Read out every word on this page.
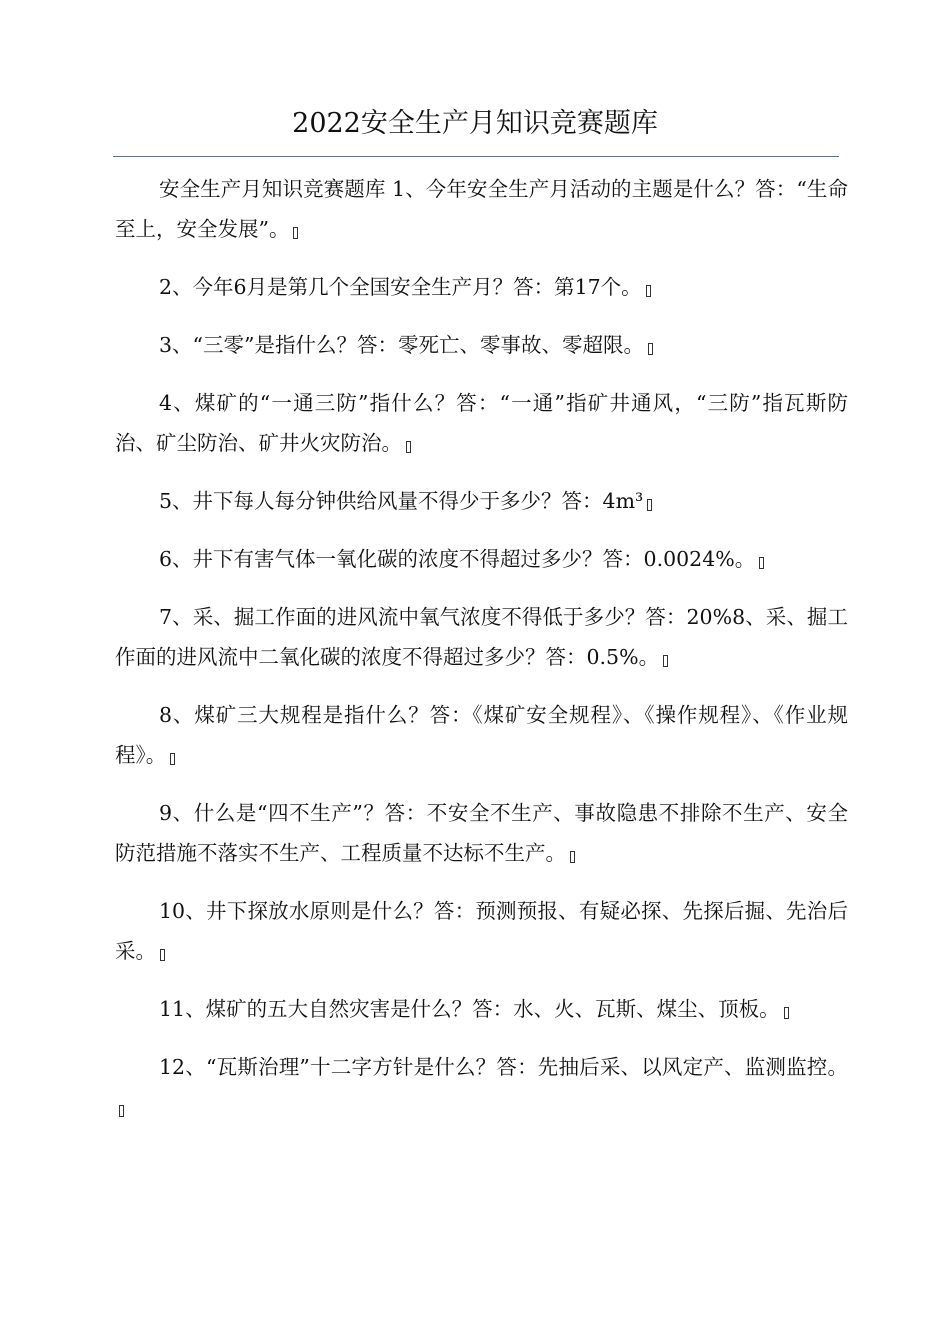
2022安全生产月知识竞赛题库

安全生产月知识竞赛题库 1、今年安全生产月活动的主题是什么？答：“生命至上，安全发展”。

2、今年6月是第几个全国安全生产月？答：第17个。

3、“三零”是指什么？答：零死亡、零事故、零超限。

4、煤矿的“一通三防”指什么？答：“一通”指矿井通风，“三防”指瓦斯防治、矿尘防治、矿井火灾防治。

5、井下每人每分钟供给风量不得少于多少？答：4m³

6、井下有害气体一氧化碳的浓度不得超过多少？答：0.0024%。

7、采、掘工作面的进风流中氧气浓度不得低于多少？答：20%8、采、掘工作面的进风流中二氧化碳的浓度不得超过多少？答：0.5%。

8、煤矿三大规程是指什么？答：《煤矿安全规程》、《操作规程》、《作业规程》。

9、什么是“四不生产”？答：不安全不生产、事故隐患不排除不生产、安全防范措施不落实不生产、工程质量不达标不生产。

10、井下探放水原则是什么？答：预测预报、有疑必探、先探后掘、先治后采。

11、煤矿的五大自然灾害是什么？答：水、火、瓦斯、煤尘、顶板。

12、“瓦斯治理”十二字方针是什么？答：先抽后采、以风定产、监测监控。
